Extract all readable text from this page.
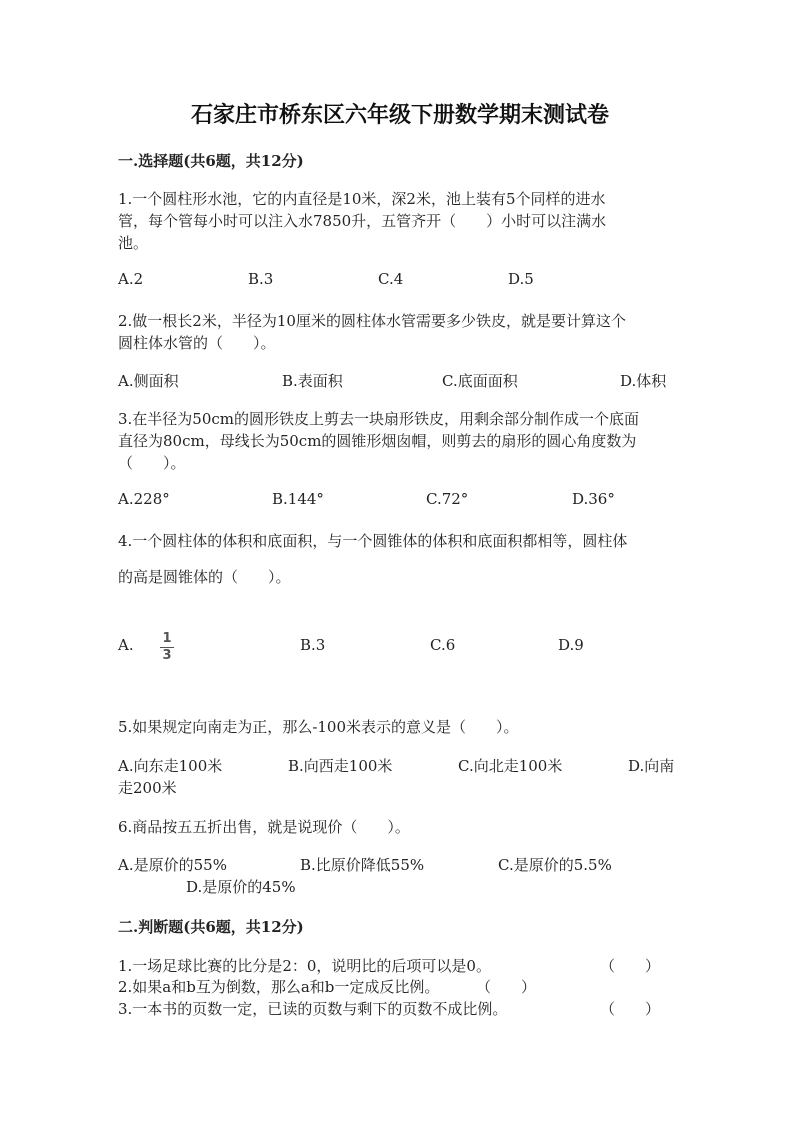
石家庄市桥东区六年级下册数学期末测试卷
一.选择题(共6题，共12分)
1.一个圆柱形水池，它的内直径是10米，深2米，池上装有5个同样的进水
管，每个管每小时可以注入水7850升，五管齐开（　　）小时可以注满水
池。
A.2	B.3	C.4	D.5
2.做一根长2米，半径为10厘米的圆柱体水管需要多少铁皮，就是要计算这个
圆柱体水管的（　　）。
A.侧面积	B.表面积	C.底面面积	D.体积
3.在半径为50cm的圆形铁皮上剪去一块扇形铁皮，用剩余部分制作成一个底面
直径为80cm，母线长为50cm的圆锥形烟囱帽，则剪去的扇形的圆心角度数为
（　　）。
A.228°	B.144°	C.72°	D.36°
4.一个圆柱体的体积和底面积，与一个圆锥体的体积和底面积都相等，圆柱体
的高是圆锥体的（　　）。
A. 1
3
B.3	C.6	D.9
5.如果规定向南走为正，那么-100米表示的意义是（　　）。
A.向东走100米	B.向西走100米	C.向北走100米	D.向南
走200米
6.商品按五五折出售，就是说现价（　　）。
A.是原价的55%	B.比原价降低55%	C.是原价的5.5%
D.是原价的45%
二.判断题(共6题，共12分)
1.一场足球比赛的比分是2：0，说明比的后项可以是0。	（　　）
2.如果a和b互为倒数，那么a和b一定成反比例。 （　　）
3.一本书的页数一定，已读的页数与剩下的页数不成比例。	（　　）
